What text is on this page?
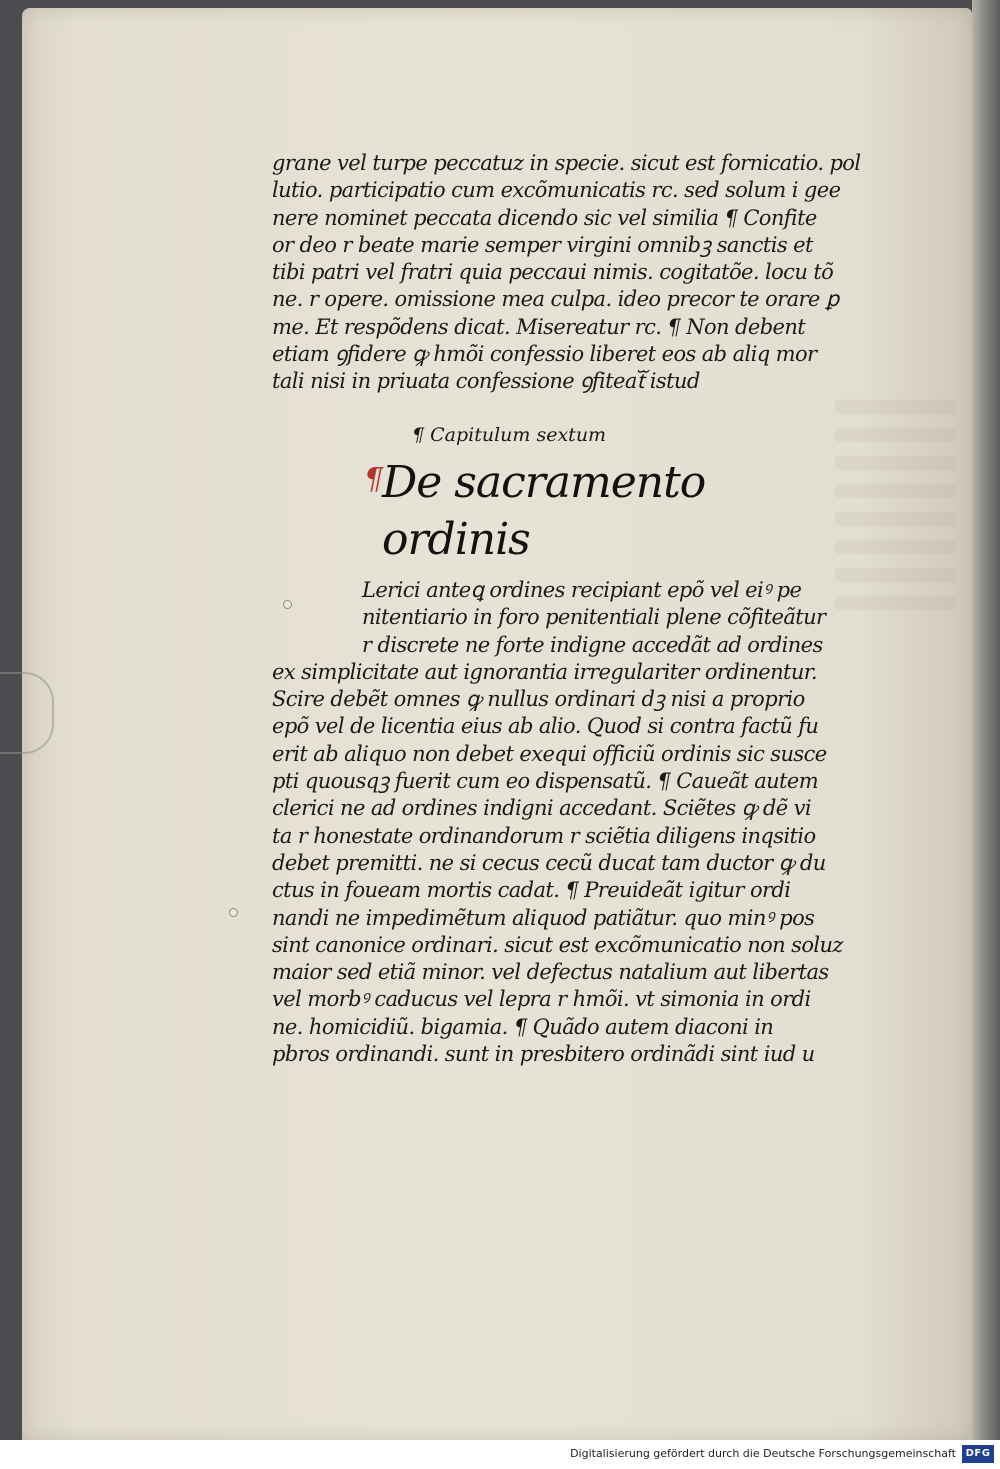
grane vel turpe peccatuz in specie. sicut est fornicatio. pol
lutio. participatio cum excõmunicatis rc. sed solum i gee
nere nominet peccata dicendo sic vel similia ¶ Confite
or deo r beate marie semper virgini omnibꝫ sanctis et
tibi patri vel fratri quia peccaui nimis. cogitatõe. locu tõ
ne. r opere. omissione mea culpa. ideo precor te orare ꝑ
me. Et respõdens dicat. Misereatur rc. ¶ Non debent
etiam ꝯfidere ꝙ hmõi confessio liberet eos ab aliq mor
tali nisi in priuata confessione ꝯfiteatᷓ istud
¶ Capitulum sextum
¶
De sacramento
ordinis
Lerici anteꝗ ordines recipiant epõ vel eiꝰ pe
nitentiario in foro penitentiali plene cõfiteãtur
r discrete ne forte indigne accedãt ad ordines
ex simplicitate aut ignorantia irregulariter ordinentur.
Scire debẽt omnes ꝙ nullus ordinari dꝫ nisi a proprio
epõ vel de licentia eius ab alio. Quod si contra factũ fu
erit ab aliquo non debet exequi officiũ ordinis sic susce
pti quousqꝫ fuerit cum eo dispensatũ. ¶ Caueãt autem
clerici ne ad ordines indigni accedant. Sciẽtes ꝙ dẽ vi
ta r honestate ordinandorum r sciẽtia diligens inqsitio
debet premitti. ne si cecus cecũ ducat tam ductor ꝙ du
ctus in foueam mortis cadat. ¶ Preuideãt igitur ordi
nandi ne impedimẽtum aliquod patiãtur. quo minꝰ pos
sint canonice ordinari. sicut est excõmunicatio non soluz
maior sed etiã minor. vel defectus natalium aut libertas
vel morbꝰ caducus vel lepra r hmõi. vt simonia in ordi
ne. homicidiũ. bigamia. ¶ Quãdo autem diaconi in
pbros ordinandi. sunt in presbitero ordinãdi sint iud u
Digitalisierung gefördert durch die Deutsche Forschungsgemeinschaft DFG
